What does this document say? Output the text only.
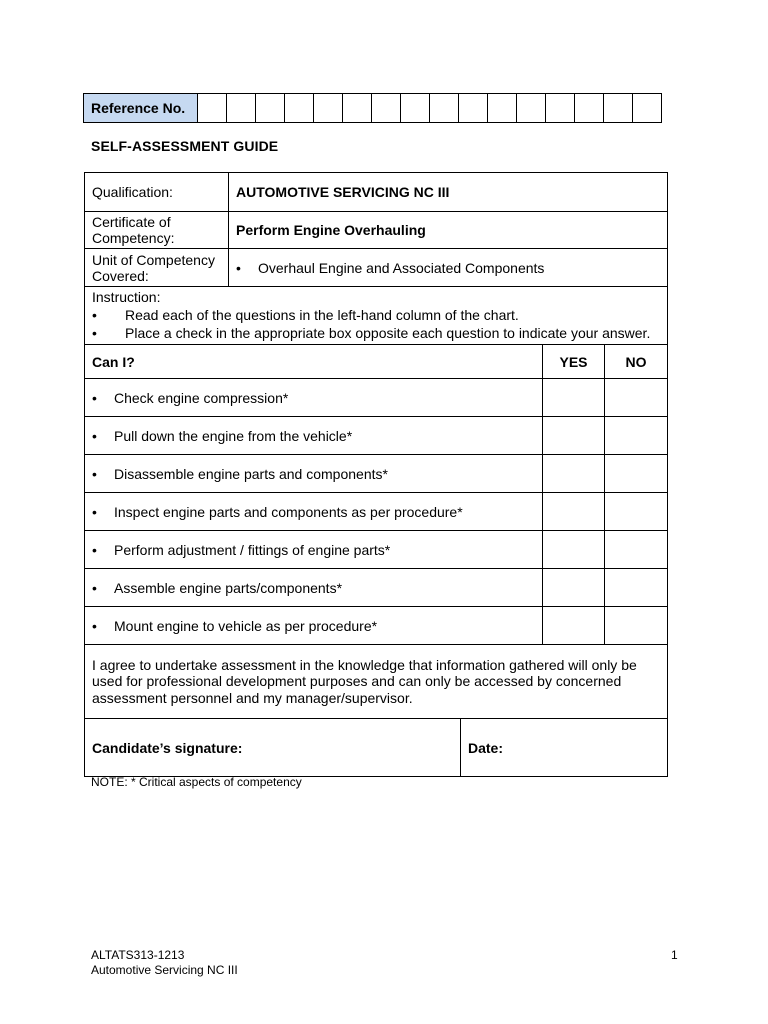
Reference No.																
SELF-ASSESSMENT GUIDE
Qualification:	AUTOMOTIVE SERVICING NC III			

Certificate of
Competency:	Perform Engine Overhauling			

Unit of Competency
Covered:	• Overhaul Engine and Associated Components			

Instruction:
• Read each of the questions in the left-hand column of the chart.
• Place a check in the appropriate box opposite each question to indicate your answer.				

Can I?			YES	NO
• Check engine compression*				
• Pull down the engine from the vehicle*				
• Disassemble engine parts and components*				
• Inspect engine parts and components as per procedure*				
• Perform adjustment / fittings of engine parts*				
• Assemble engine parts/components*				
• Mount engine to vehicle as per procedure*				
I agree to undertake assessment in the knowledge that information gathered will only be used for professional development purposes and can only be accessed by concerned assessment personnel and my manager/supervisor.				
Candidate’s signature:		Date:		
NOTE: * Critical aspects of competency
ALTATS313-1213
Automotive Servicing NC III
1
